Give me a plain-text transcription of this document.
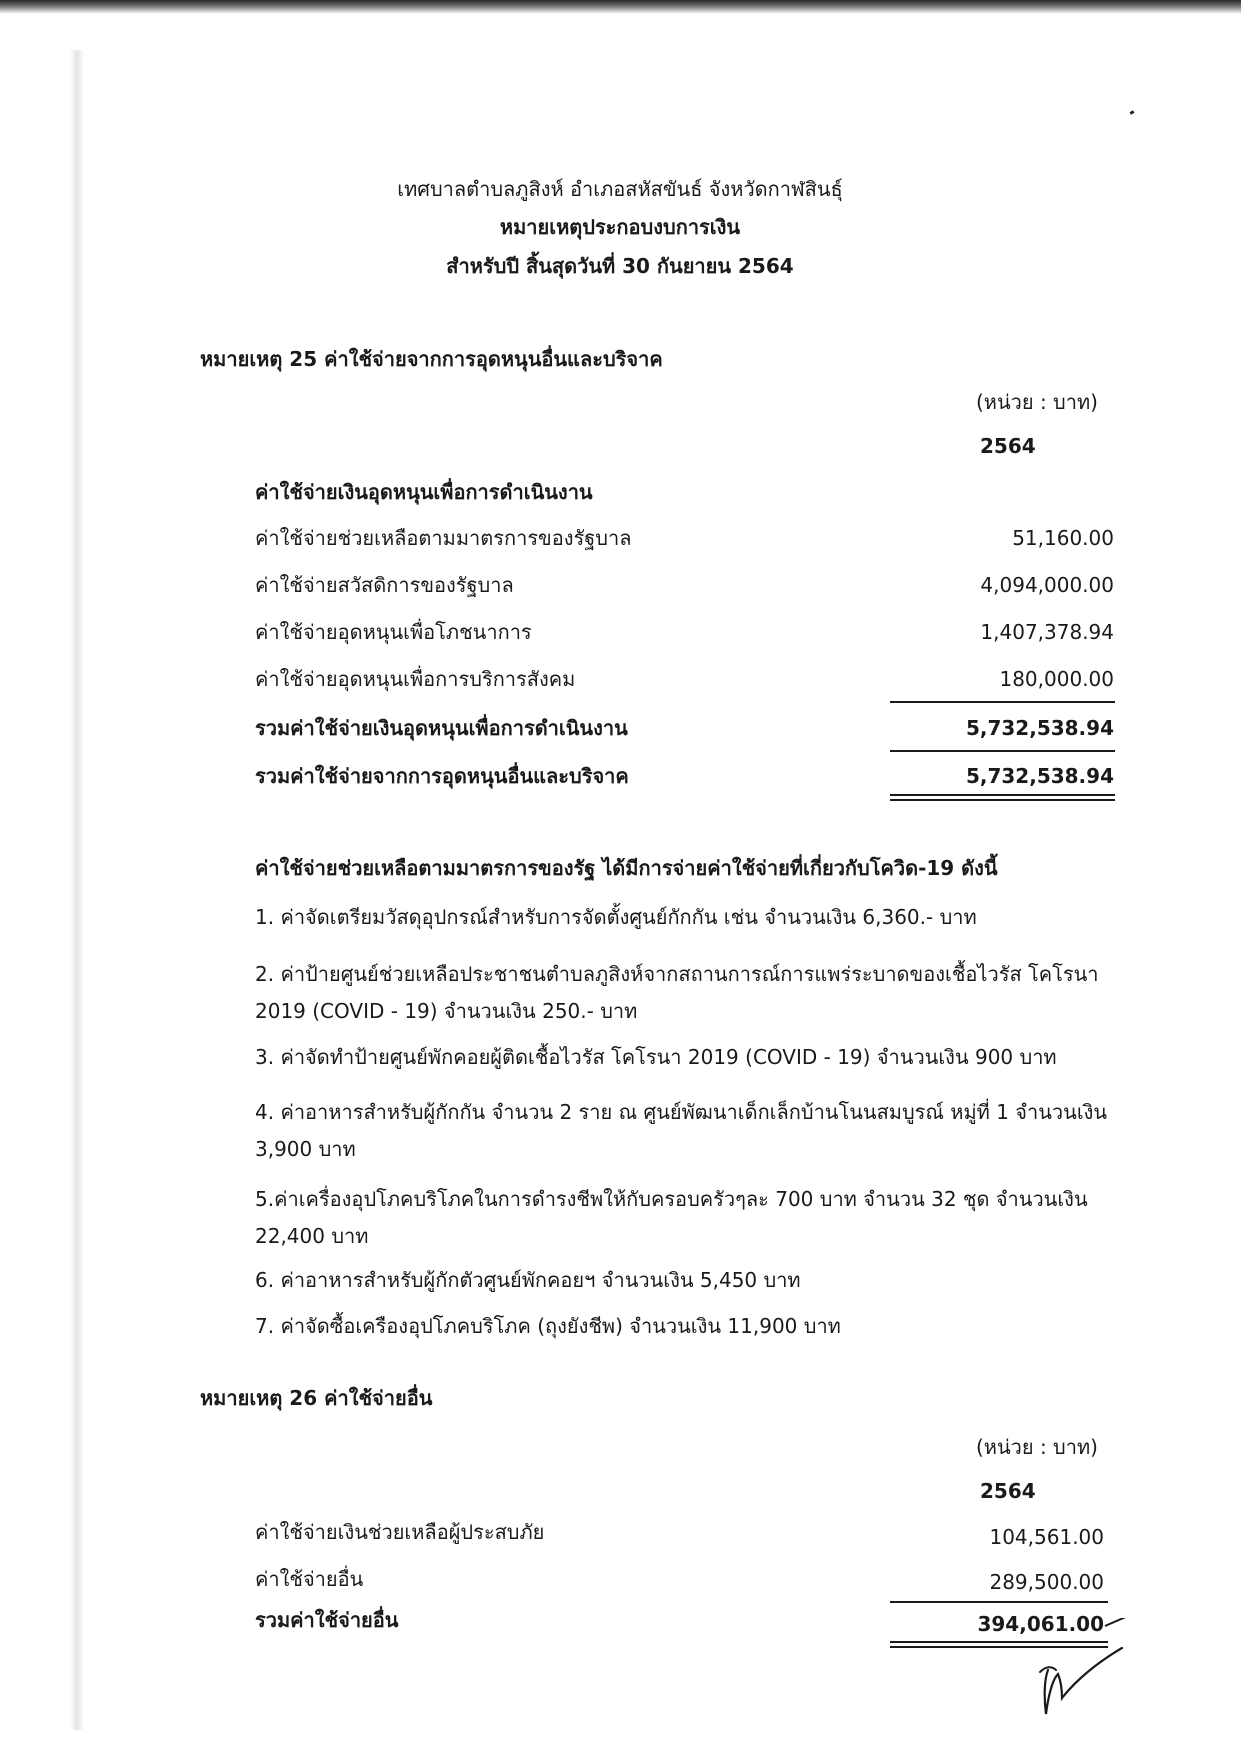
เทศบาลตำบลภูสิงห์ อำเภอสหัสขันธ์ จังหวัดกาฬสินธุ์
หมายเหตุประกอบงบการเงิน
สำหรับปี สิ้นสุดวันที่ 30 กันยายน 2564
หมายเหตุ 25 ค่าใช้จ่ายจากการอุดหนุนอื่นและบริจาค
(หน่วย : บาท)
2564
ค่าใช้จ่ายเงินอุดหนุนเพื่อการดำเนินงาน
ค่าใช้จ่ายช่วยเหลือตามมาตรการของรัฐบาล	51,160.00
ค่าใช้จ่ายสวัสดิการของรัฐบาล	4,094,000.00
ค่าใช้จ่ายอุดหนุนเพื่อโภชนาการ	1,407,378.94
ค่าใช้จ่ายอุดหนุนเพื่อการบริการสังคม	180,000.00
รวมค่าใช้จ่ายเงินอุดหนุนเพื่อการดำเนินงาน	5,732,538.94
รวมค่าใช้จ่ายจากการอุดหนุนอื่นและบริจาค	5,732,538.94
ค่าใช้จ่ายช่วยเหลือตามมาตรการของรัฐ ได้มีการจ่ายค่าใช้จ่ายที่เกี่ยวกับโควิด-19 ดังนี้
1. ค่าจัดเตรียมวัสดุอุปกรณ์สำหรับการจัดตั้งศูนย์กักกัน เช่น จำนวนเงิน 6,360.- บาท
2. ค่าป้ายศูนย์ช่วยเหลือประชาชนตำบลภูสิงห์จากสถานการณ์การแพร่ระบาดของเชื้อไวรัส โคโรนา
2019 (COVID - 19) จำนวนเงิน 250.- บาท
3. ค่าจัดทำป้ายศูนย์พักคอยผู้ติดเชื้อไวรัส โคโรนา 2019 (COVID - 19) จำนวนเงิน 900 บาท
4. ค่าอาหารสำหรับผู้กักกัน จำนวน 2 ราย ณ ศูนย์พัฒนาเด็กเล็กบ้านโนนสมบูรณ์ หมู่ที่ 1 จำนวนเงิน
3,900 บาท
5.ค่าเครื่องอุปโภคบริโภคในการดำรงชีพให้กับครอบครัวๆละ 700 บาท จำนวน 32 ชุด จำนวนเงิน
22,400 บาท
6. ค่าอาหารสำหรับผู้กักตัวศูนย์พักคอยฯ จำนวนเงิน 5,450 บาท
7. ค่าจัดซื้อเครืองอุปโภคบริโภค (ถุงยังชีพ) จำนวนเงิน 11,900 บาท
หมายเหตุ 26 ค่าใช้จ่ายอื่น
(หน่วย : บาท)
2564
ค่าใช้จ่ายเงินช่วยเหลือผู้ประสบภัย	104,561.00
ค่าใช้จ่ายอื่น	289,500.00
รวมค่าใช้จ่ายอื่น	394,061.00
